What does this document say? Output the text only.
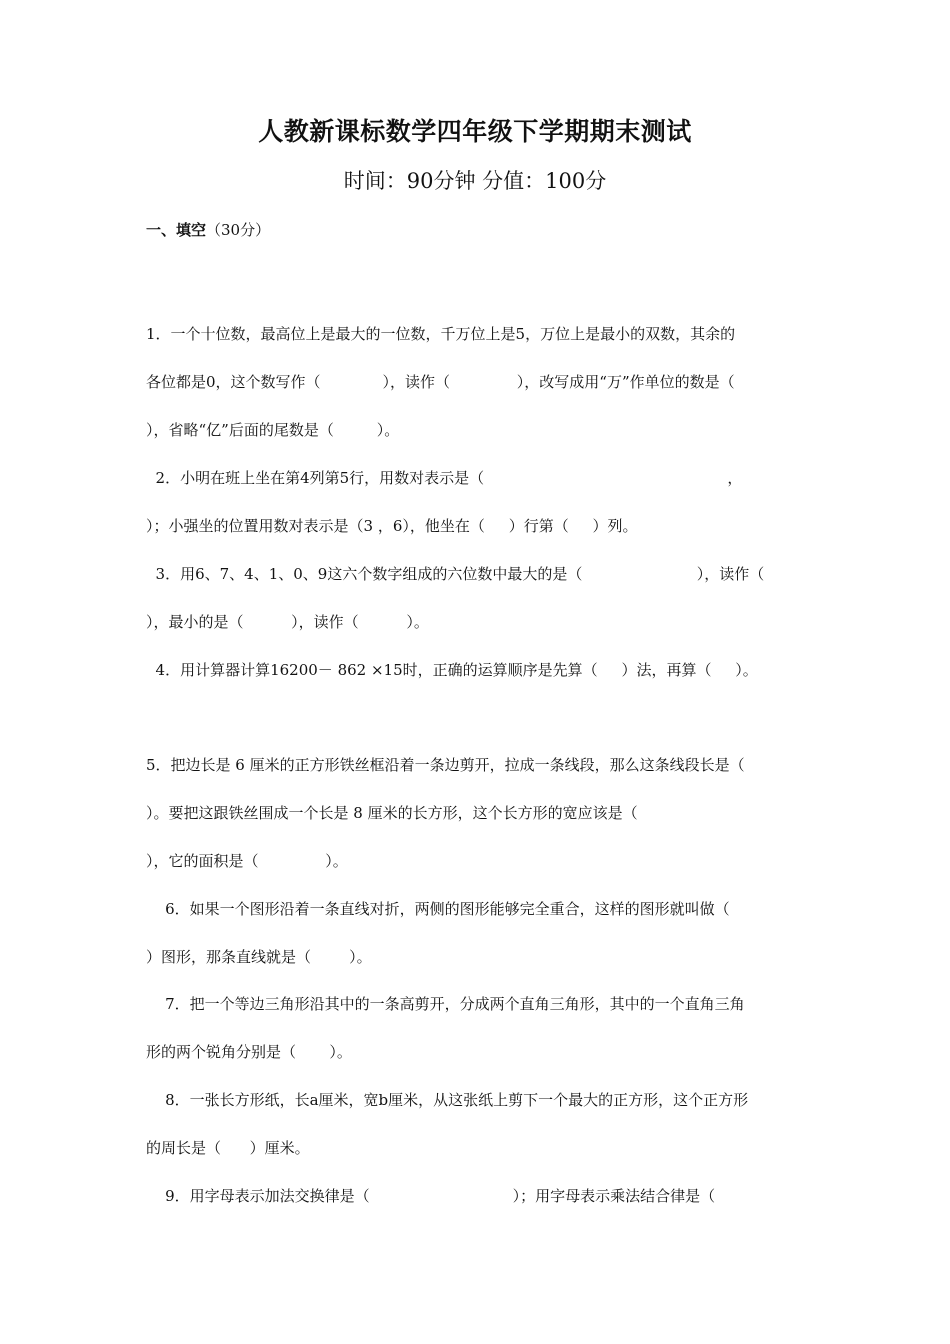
人教新课标数学四年级下学期期末测试
时间：90分钟 分值：100分
一、填空（30分）
1．一个十位数，最高位上是最大的一位数，千万位上是5，万位上是最小的双数，其余的
各位都是0，这个数写作（             ），读作（              ），改写成用“万”作单位的数是（
），省略“亿”后面的尾数是（         ）。
2．小明在班上坐在第4列第5行，用数对表示是（                                                   ，
）；小强坐的位置用数对表示是（3 ，6），他坐在（     ）行第（     ）列。
3．用6、7、4、1、0、9这六个数字组成的六位数中最大的是（                        ），读作（
），最小的是（          ），读作（          ）。
4．用计算器计算16200－ 862 ×15时，正确的运算顺序是先算（     ）法，再算（     ）。
5．把边长是 6 厘米的正方形铁丝框沿着一条边剪开，拉成一条线段，那么这条线段长是（
）。要把这跟铁丝围成一个长是 8 厘米的长方形，这个长方形的宽应该是（
），它的面积是（              ）。
6．如果一个图形沿着一条直线对折，两侧的图形能够完全重合，这样的图形就叫做（
）图形，那条直线就是（        ）。
7．把一个等边三角形沿其中的一条高剪开，分成两个直角三角形，其中的一个直角三角
形的两个锐角分别是（       ）。
8．一张长方形纸，长a厘米，宽b厘米，从这张纸上剪下一个最大的正方形，这个正方形
的周长是（      ）厘米。
9．用字母表示加法交换律是（                              ）；用字母表示乘法结合律是（
